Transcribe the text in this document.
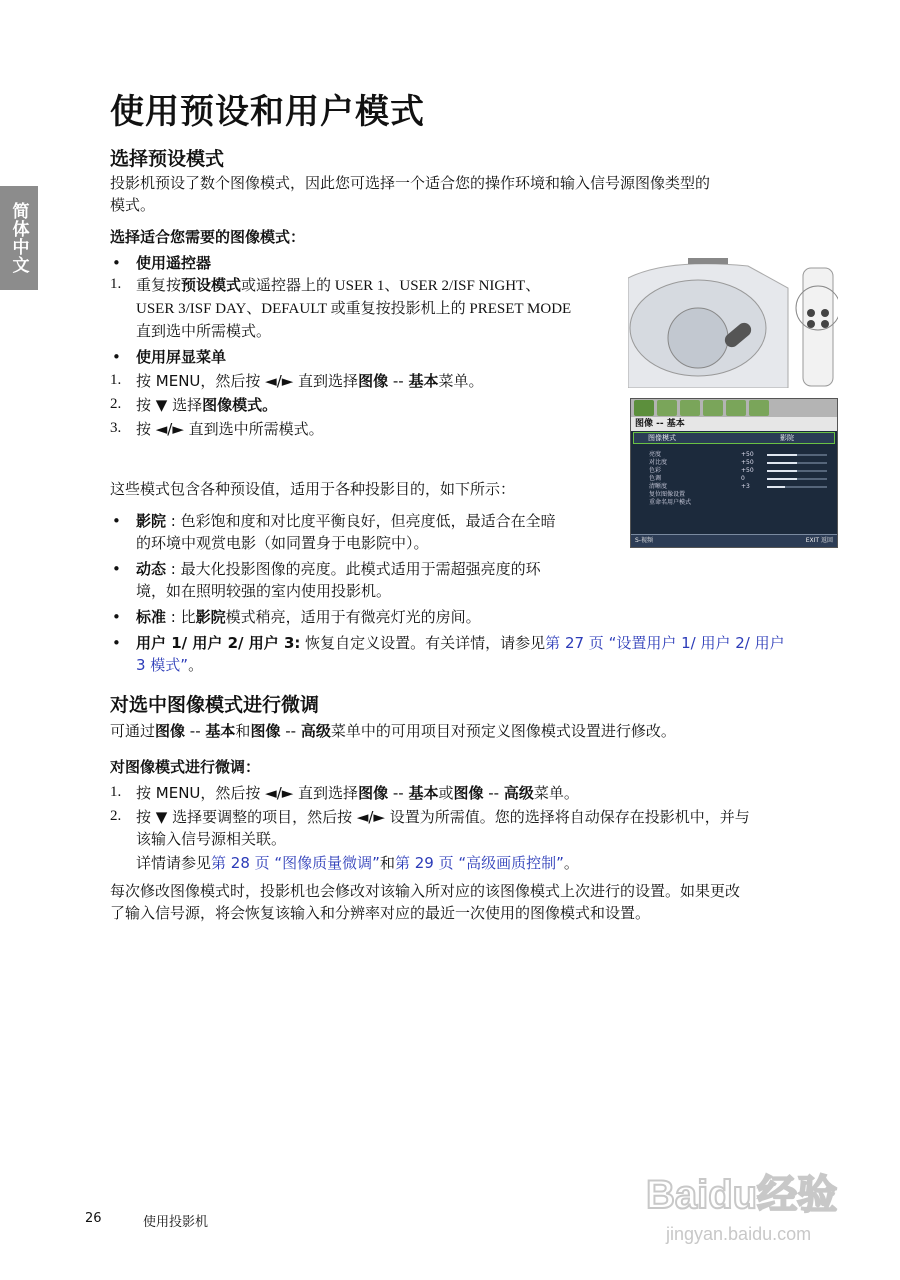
简体中文
使用预设和用户模式
选择预设模式
投影机预设了数个图像模式，因此您可选择一个适合您的操作环境和输入信号源图像类型的
模式。
选择适合您需要的图像模式：
• 使用遥控器
1. 重复按预设模式或遥控器上的 USER 1、USER 2/ISF NIGHT、
USER 3/ISF DAY、DEFAULT 或重复按投影机上的 PRESET MODE
直到选中所需模式。
• 使用屏显菜单
1. 按 MENU，然后按 ◄/► 直到选择图像 -- 基本菜单。
2. 按 ▼ 选择图像模式。
3. 按 ◄/► 直到选中所需模式。
这些模式包含各种预设值，适用于各种投影目的，如下所示：
• 影院 : 色彩饱和度和对比度平衡良好，但亮度低，最适合在全暗
的环境中观赏电影（如同置身于电影院中）。
• 动态 : 最大化投影图像的亮度。此模式适用于需超强亮度的环
境，如在照明较强的室内使用投影机。
• 标准 : 比影院模式稍亮，适用于有微亮灯光的房间。
• 用户 1/ 用户 2/ 用户 3: 恢复自定义设置。有关详情，请参见第 27 页 “设置用户 1/ 用户 2/ 用户
3 模式”。
对选中图像模式进行微调
可通过图像 -- 基本和图像 -- 高级菜单中的可用项目对预定义图像模式设置进行修改。
对图像模式进行微调：
1. 按 MENU，然后按 ◄/► 直到选择图像 -- 基本或图像 -- 高级菜单。
2. 按 ▼ 选择要调整的项目，然后按 ◄/► 设置为所需值。您的选择将自动保存在投影机中，并与
该输入信号源相关联。
详情请参见第 28 页 “图像质量微调”和第 29 页 “高级画质控制”。
每次修改图像模式时，投影机也会修改对该输入所对应的该图像模式上次进行的设置。如果更改
了输入信号源，将会恢复该输入和分辨率对应的最近一次使用的图像模式和设置。
图像 -- 基本
图像模式	影院
亮度	+50
对比度	+50
色彩	+50
色调	0
清晰度	+3
复位图像设置
重命名用户模式
S-视频	EXIT 返回
Baidu经验
jingyan.baidu.com
26	使用投影机
